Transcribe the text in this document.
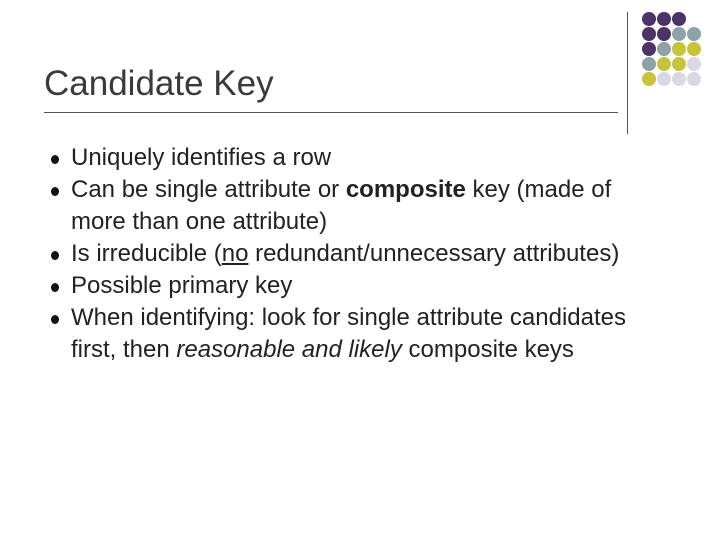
Candidate Key
Uniquely identifies a row
Can be single attribute or composite key (made of more than one attribute)
Is irreducible (no redundant/unnecessary attributes)
Possible primary key
When identifying: look for single attribute candidates first, then reasonable and likely composite keys
